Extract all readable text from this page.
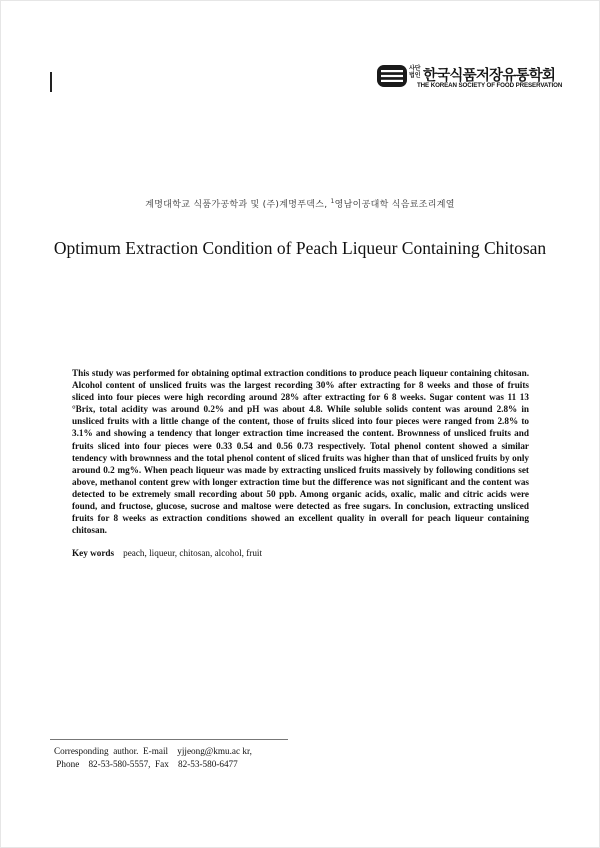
사단
법인 한국식품저장유통학회
THE KOREAN SOCIETY OF FOOD PRESERVATION
계명대학교 식품가공학과 및 (주)계명푸덱스, $^1$영남이공대학 식음료조리계열
Optimum Extraction Condition of Peach Liqueur Containing Chitosan

This study was performed for obtaining optimal extraction conditions to produce peach liqueur containing chitosan. Alcohol content of unsliced fruits was the largest recording 30% after extracting for 8 weeks and those of fruits sliced into four pieces were high recording around 28% after extracting for 6 8 weeks. Sugar content was 11 13 °Brix, total acidity was around 0.2% and pH was about 4.8. While soluble solids content was around 2.8% in unsliced fruits with a little change of the content, those of fruits sliced into four pieces were ranged from 2.8% to 3.1% and showing a tendency that longer extraction time increased the content. Brownness of unsliced fruits and fruits sliced into four pieces were 0.33 0.54 and 0.56 0.73 respectively. Total phenol content showed a similar tendency with brownness and the total phenol content of sliced fruits was higher than that of unsliced fruits by only around 0.2 mg%. When peach liqueur was made by extracting unsliced fruits massively by following conditions set above, methanol content grew with longer extraction time but the difference was not significant and the content was detected to be extremely small recording about 50 ppb. Among organic acids, oxalic, malic and citric acids were found, and fructose, glucose, sucrose and maltose were detected as free sugars. In conclusion, extracting unsliced fruits for 8 weeks as extraction conditions showed an excellent quality in overall for peach liqueur containing chitosan.

Key words peach, liqueur, chitosan, alcohol, fruit
Corresponding  author.  E-mail    yjjeong@kmu.ac kr,
Phone    82-53-580-5557,  Fax    82-53-580-6477
